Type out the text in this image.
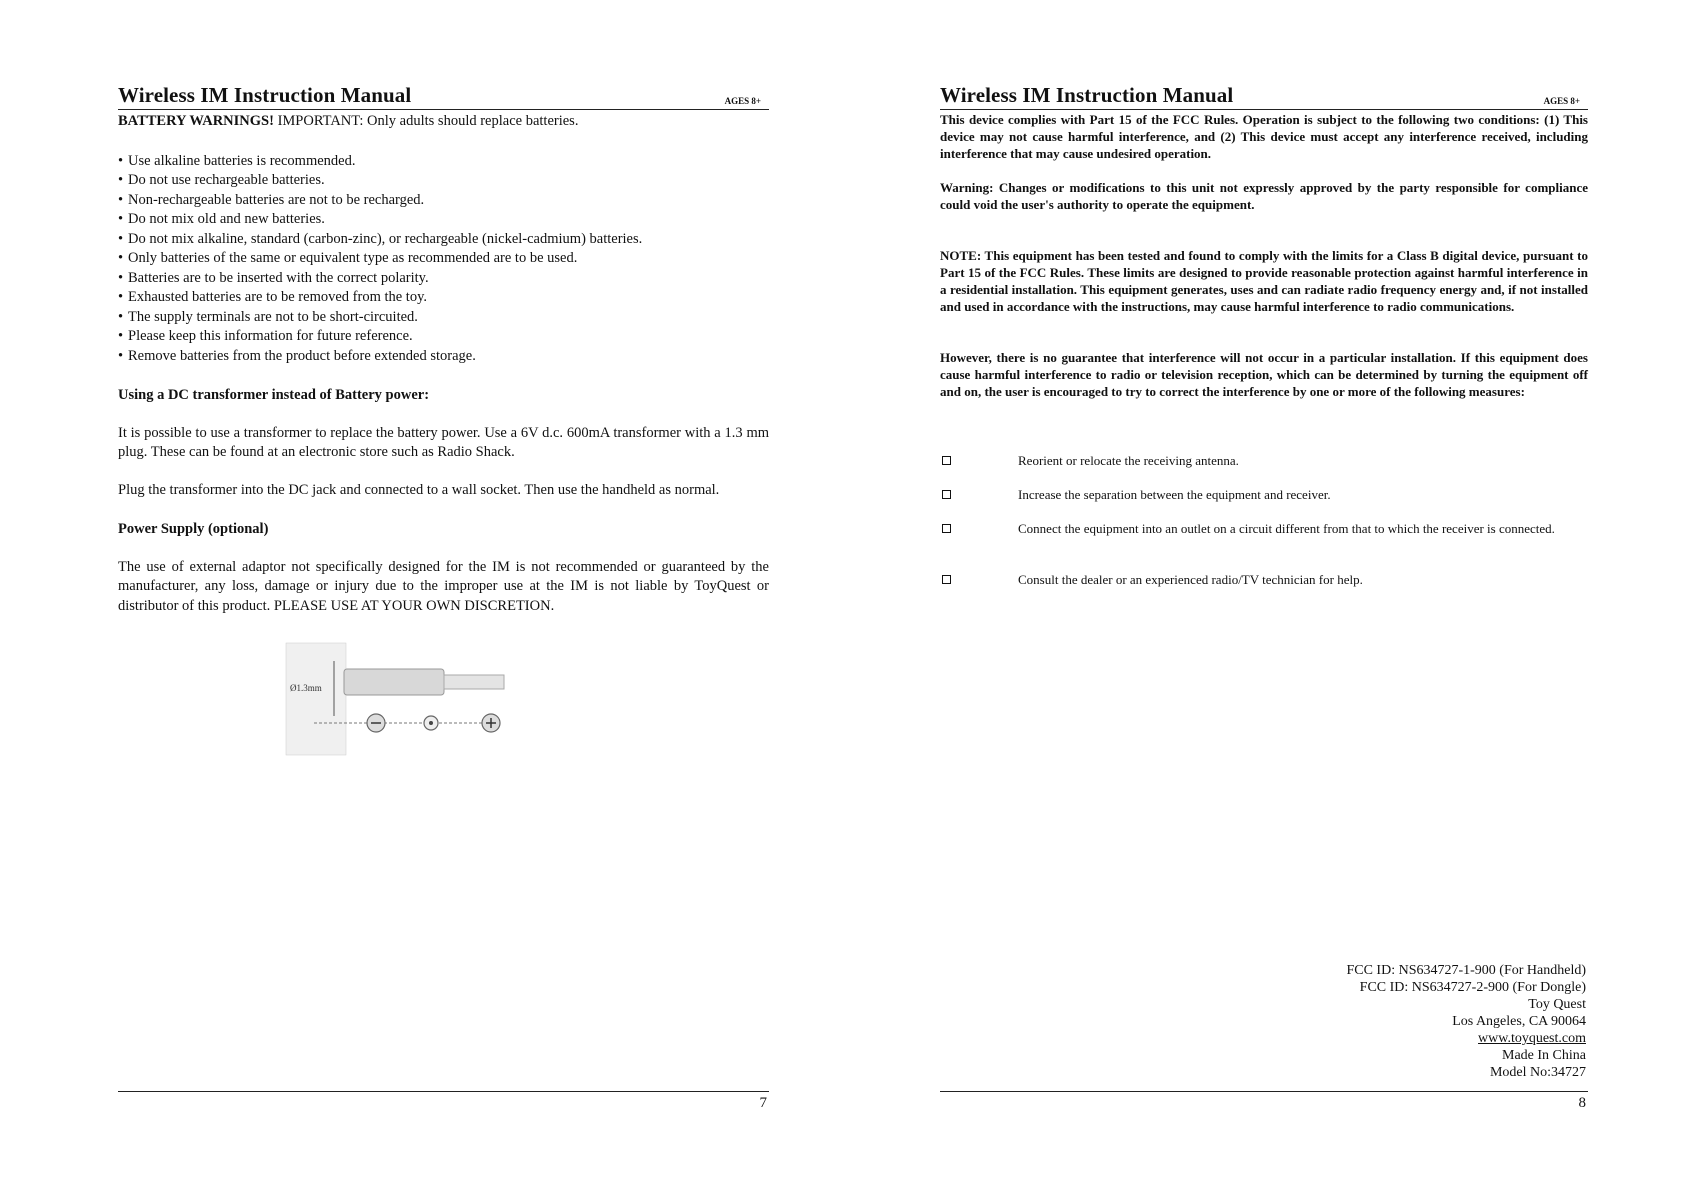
Wireless IM Instruction Manual	AGES 8+

BATTERY WARNINGS! IMPORTANT: Only adults should replace batteries.

• Use alkaline batteries is recommended.
• Do not use rechargeable batteries.
• Non-rechargeable batteries are not to be recharged.
• Do not mix old and new batteries.
• Do not mix alkaline, standard (carbon-zinc), or rechargeable (nickel-cadmium) batteries.
• Only batteries of the same or equivalent type as recommended are to be used.
• Batteries are to be inserted with the correct polarity.
• Exhausted batteries are to be removed from the toy.
• The supply terminals are not to be short-circuited.
• Please keep this information for future reference.
• Remove batteries from the product before extended storage.
Using a DC transformer instead of Battery power:

It is possible to use a transformer to replace the battery power. Use a 6V d.c. 600mA transformer with a 1.3 mm plug. These can be found at an electronic store such as Radio Shack.

Plug the transformer into the DC jack and connected to a wall socket. Then use the handheld as normal.

Power Supply (optional)

The use of external adaptor not specifically designed for the IM is not recommended or guaranteed by the manufacturer, any loss, damage or injury due to the improper use at the IM is not liable by ToyQuest or distributor of this product. PLEASE USE AT YOUR OWN DISCRETION.

Ø1.3mm
7
Wireless IM Instruction Manual	AGES 8+

This device complies with Part 15 of the FCC Rules. Operation is subject to the following two conditions: (1) This device may not cause harmful interference, and (2) This device must accept any interference received, including interference that may cause undesired operation.

Warning: Changes or modifications to this unit not expressly approved by the party responsible for compliance could void the user's authority to operate the equipment.

NOTE: This equipment has been tested and found to comply with the limits for a Class B digital device, pursuant to Part 15 of the FCC Rules. These limits are designed to provide reasonable protection against harmful interference in a residential installation. This equipment generates, uses and can radiate radio frequency energy and, if not installed and used in accordance with the instructions, may cause harmful interference to radio communications.

However, there is no guarantee that interference will not occur in a particular installation. If this equipment does cause harmful interference to radio or television reception, which can be determined by turning the equipment off and on, the user is encouraged to try to correct the interference by one or more of the following measures:

Reorient or relocate the receiving antenna.
Increase the separation between the equipment and receiver.
Connect the equipment into an outlet on a circuit different from that to which the receiver is connected.
Consult the dealer or an experienced radio/TV technician for help.
FCC ID: NS634727-1-900 (For Handheld)
FCC ID: NS634727-2-900 (For Dongle)
Toy Quest
Los Angeles, CA 90064
www.toyquest.com
Made In China
Model No:34727
8
